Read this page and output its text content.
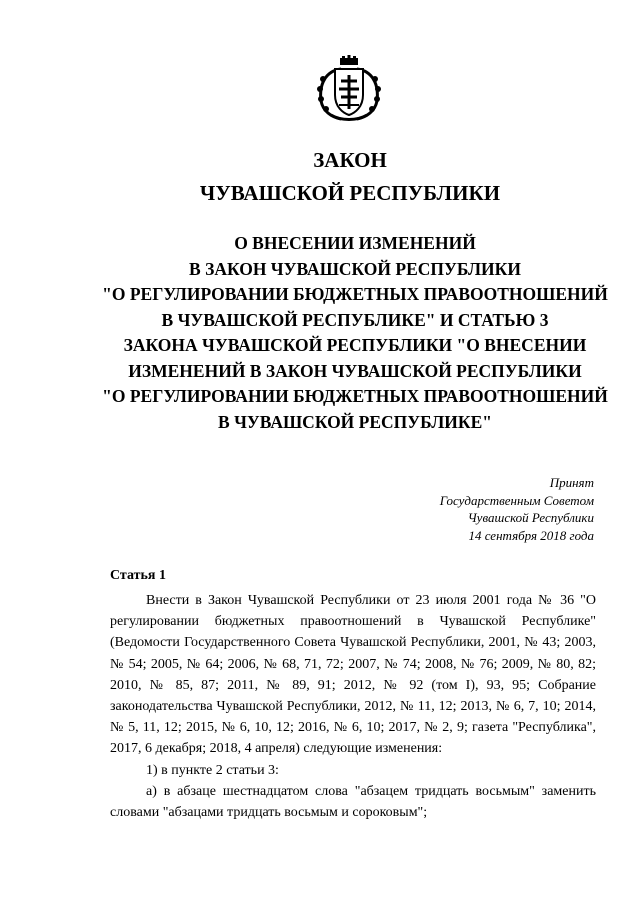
ЗАКОН
ЧУВАШСКОЙ РЕСПУБЛИКИ
О ВНЕСЕНИИ ИЗМЕНЕНИЙ
В ЗАКОН ЧУВАШСКОЙ РЕСПУБЛИКИ
"О РЕГУЛИРОВАНИИ БЮДЖЕТНЫХ ПРАВООТНОШЕНИЙ
В ЧУВАШСКОЙ РЕСПУБЛИКЕ" И СТАТЬЮ 3
ЗАКОНА ЧУВАШСКОЙ РЕСПУБЛИКИ "О ВНЕСЕНИИ
ИЗМЕНЕНИЙ В ЗАКОН ЧУВАШСКОЙ РЕСПУБЛИКИ
"О РЕГУЛИРОВАНИИ БЮДЖЕТНЫХ ПРАВООТНОШЕНИЙ
В ЧУВАШСКОЙ РЕСПУБЛИКЕ"
Принят
Государственным Советом
Чувашской Республики
14 сентября 2018 года
Статья 1

Внести в Закон Чувашской Республики от 23 июля 2001 года № 36 "О регулировании бюджетных правоотношений в Чувашской Республике" (Ведомости Государственного Совета Чувашской Республики, 2001, № 43; 2003, № 54; 2005, № 64; 2006, № 68, 71, 72; 2007, № 74; 2008, № 76; 2009, № 80, 82; 2010, № 85, 87; 2011, № 89, 91; 2012, № 92 (том I), 93, 95; Собрание законодательства Чувашской Республики, 2012, № 11, 12; 2013, № 6, 7, 10; 2014, № 5, 11, 12; 2015, № 6, 10, 12; 2016, № 6, 10; 2017, № 2, 9; газета "Республика", 2017, 6 декабря; 2018, 4 апреля) следующие изменения:

1) в пункте 2 статьи 3:

а) в абзаце шестнадцатом слова "абзацем тридцать восьмым" заменить словами "абзацами тридцать восьмым и сороковым";
